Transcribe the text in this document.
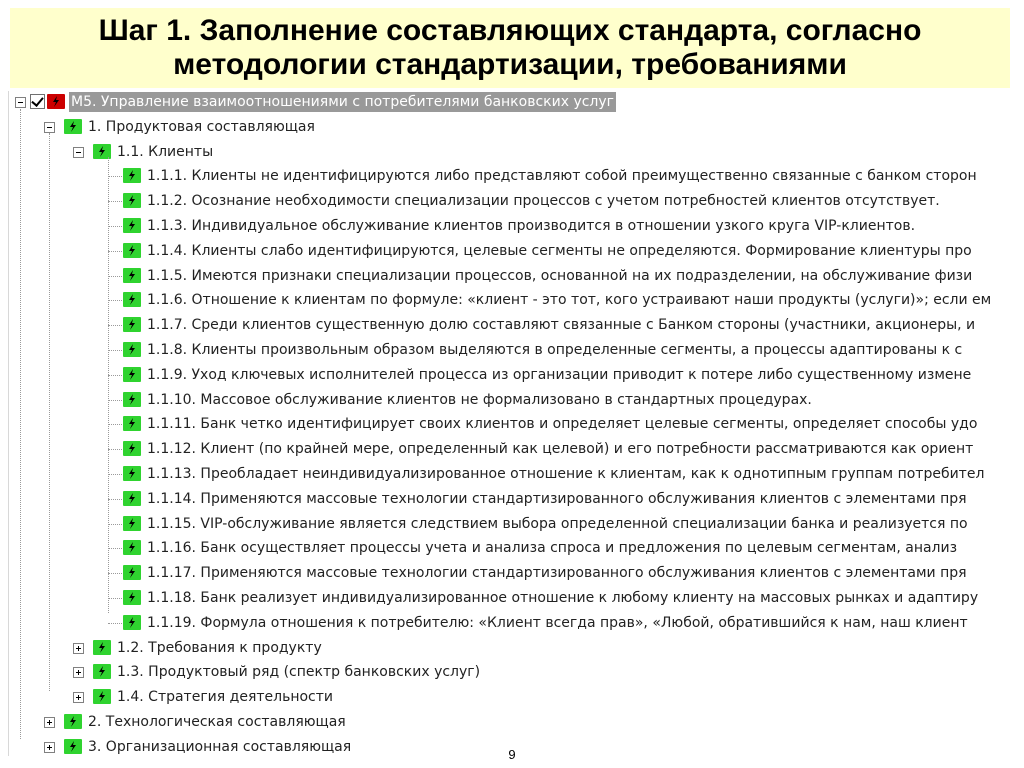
Шаг 1. Заполнение составляющих стандарта, согласно
методологии стандартизации, требованиями
М5. Управление взаимоотношениями с потребителями банковских услуг
1. Продуктовая составляющая
1.1. Клиенты
1.1.1. Клиенты не идентифицируются либо представляют собой преимущественно связанные с банком сторон
1.1.2. Осознание необходимости специализации процессов с учетом потребностей клиентов отсутствует.
1.1.3. Индивидуальное обслуживание клиентов производится в отношении узкого круга VIP-клиентов.
1.1.4. Клиенты слабо идентифицируются, целевые сегменты не определяются. Формирование клиентуры про
1.1.5. Имеются признаки специализации процессов, основанной на их подразделении, на обслуживание физи
1.1.6. Отношение к клиентам по формуле: «клиент - это тот, кого устраивают наши продукты (услуги)»; если ем
1.1.7. Среди клиентов существенную долю составляют связанные с Банком стороны (участники, акционеры, и
1.1.8. Клиенты произвольным образом выделяются в определенные сегменты, а процессы адаптированы к с
1.1.9. Уход ключевых исполнителей процесса из организации приводит к потере либо существенному измене
1.1.10. Массовое обслуживание клиентов не формализовано в стандартных процедурах.
1.1.11. Банк четко идентифицирует своих клиентов и определяет целевые сегменты, определяет способы удо
1.1.12. Клиент (по крайней мере, определенный как целевой) и его потребности рассматриваются как ориент
1.1.13. Преобладает неиндивидуализированное отношение к клиентам, как к однотипным группам потребител
1.1.14. Применяются массовые технологии стандартизированного обслуживания клиентов с элементами пря
1.1.15. VIP-обслуживание является следствием выбора определенной специализации банка и реализуется по
1.1.16. Банк осуществляет процессы учета и анализа спроса и предложения по целевым сегментам, анализ
1.1.17. Применяются массовые технологии стандартизированного обслуживания клиентов с элементами пря
1.1.18. Банк реализует индивидуализированное отношение к любому клиенту на массовых рынках и адаптиру
1.1.19. Формула отношения к потребителю: «Клиент всегда прав», «Любой, обратившийся к нам, наш клиент
1.2. Требования к продукту
1.3. Продуктовый ряд (спектр банковских услуг)
1.4. Стратегия деятельности
2. Технологическая составляющая
3. Организационная составляющая	9
